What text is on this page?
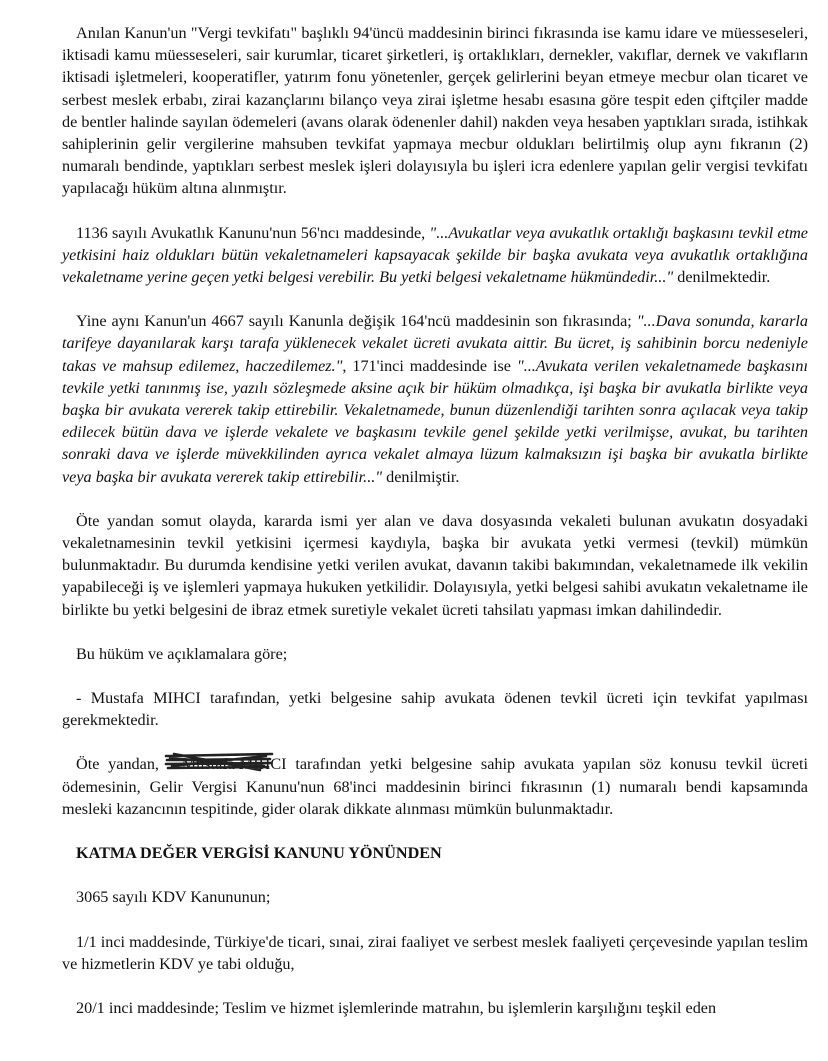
Anılan Kanun'un "Vergi tevkifatı" başlıklı 94'üncü maddesinin birinci fıkrasında ise kamu idare ve müesseseleri, iktisadi kamu müesseseleri, sair kurumlar, ticaret şirketleri, iş ortaklıkları, dernekler, vakıflar, dernek ve vakıfların iktisadi işletmeleri, kooperatifler, yatırım fonu yönetenler, gerçek gelirlerini beyan etmeye mecbur olan ticaret ve serbest meslek erbabı, zirai kazançlarını bilanço veya zirai işletme hesabı esasına göre tespit eden çiftçiler madde de bentler halinde sayılan ödemeleri (avans olarak ödenenler dahil) nakden veya hesaben yaptıkları sırada, istihkak sahiplerinin gelir vergilerine mahsuben tevkifat yapmaya mecbur oldukları belirtilmiş olup aynı fıkranın (2) numaralı bendinde, yaptıkları serbest meslek işleri dolayısıyla bu işleri icra edenlere yapılan gelir vergisi tevkifatı yapılacağı hüküm altına alınmıştır.

1136 sayılı Avukatlık Kanunu'nun 56'ncı maddesinde, "...Avukatlar veya avukatlık ortaklığı başkasını tevkil etme yetkisini haiz oldukları bütün vekaletnameleri kapsayacak şekilde bir başka avukata veya avukatlık ortaklığına vekaletname yerine geçen yetki belgesi verebilir. Bu yetki belgesi vekaletname hükmündedir..." denilmektedir.

Yine aynı Kanun'un 4667 sayılı Kanunla değişik 164'ncü maddesinin son fıkrasında; "...Dava sonunda, kararla tarifeye dayanılarak karşı tarafa yüklenecek vekalet ücreti avukata aittir. Bu ücret, iş sahibinin borcu nedeniyle takas ve mahsup edilemez, haczedilemez.", 171'inci maddesinde ise "...Avukata verilen vekaletnamede başkasını tevkile yetki tanınmış ise, yazılı sözleşmede aksine açık bir hüküm olmadıkça, işi başka bir avukatla birlikte veya başka bir avukata vererek takip ettirebilir. Vekaletnamede, bunun düzenlendiği tarihten sonra açılacak veya takip edilecek bütün dava ve işlerde vekalete ve başkasını tevkile genel şekilde yetki verilmişse, avukat, bu tarihten sonraki dava ve işlerde müvekkilinden ayrıca vekalet almaya lüzum kalmaksızın işi başka bir avukatla birlikte veya başka bir avukata vererek takip ettirebilir..." denilmiştir.

Öte yandan somut olayda, kararda ismi yer alan ve dava dosyasında vekaleti bulunan avukatın dosyadaki vekaletnamesinin tevkil yetkisini içermesi kaydıyla, başka bir avukata yetki vermesi (tevkil) mümkün bulunmaktadır. Bu durumda kendisine yetki verilen avukat, davanın takibi bakımından, vekaletnamede ilk vekilin yapabileceği iş ve işlemleri yapmaya hukuken yetkilidir. Dolayısıyla, yetki belgesi sahibi avukatın vekaletname ile birlikte bu yetki belgesini de ibraz etmek suretiyle vekalet ücreti tahsilatı yapması imkan dahilindedir.

Bu hüküm ve açıklamalara göre;

- Mustafa MIHCI tarafından, yetki belgesine sahip avukata ödenen tevkil ücreti için tevkifat yapılması gerekmektedir.

Öte yandan, Mustafa MIHCI
tarafından yetki belgesine sahip avukata yapılan söz konusu tevkil ücreti ödemesinin, Gelir Vergisi Kanunu'nun 68'inci maddesinin birinci fıkrasının (1) numaralı bendi kapsamında mesleki kazancının tespitinde, gider olarak dikkate alınması mümkün bulunmaktadır.

KATMA DEĞER VERGİSİ KANUNU YÖNÜNDEN

3065 sayılı KDV Kanununun;

1/1 inci maddesinde, Türkiye'de ticari, sınai, zirai faaliyet ve serbest meslek faaliyeti çerçevesinde yapılan teslim ve hizmetlerin KDV ye tabi olduğu,

20/1 inci maddesinde; Teslim ve hizmet işlemlerinde matrahın, bu işlemlerin karşılığını teşkil eden
